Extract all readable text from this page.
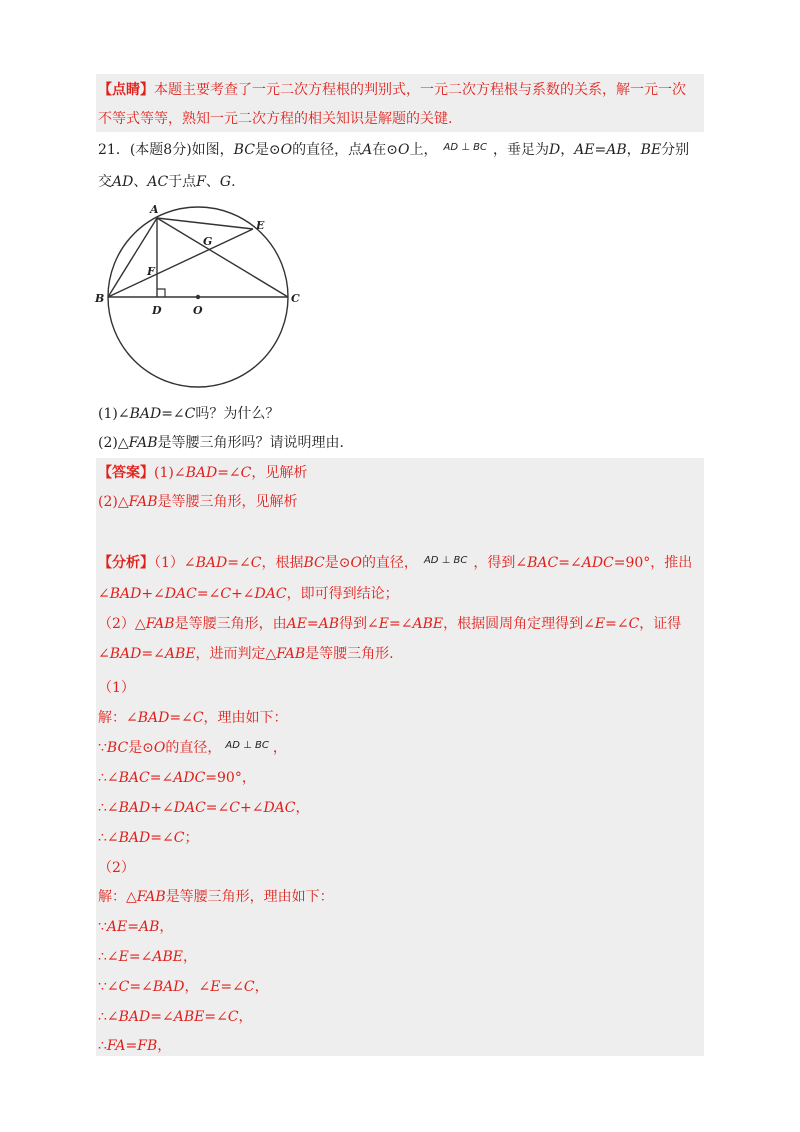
【点睛】本题主要考查了一元二次方程根的判别式，一元二次方程根与系数的关系，解一元一次
不等式等等，熟知一元二次方程的相关知识是解题的关键.
21．(本题8分)如图，BC是⊙O的直径，点A在⊙O上， $^{AD \perp BC}$ ，垂足为D，AE=AB，BE分别
交AD、AC于点F、G.
A
E
G
F
B
D	O
C
(1)∠BAD=∠C吗？为什么？
(2)△FAB是等腰三角形吗？请说明理由.
【答案】(1)∠BAD=∠C，见解析
(2)△FAB是等腰三角形，见解析
【分析】（1）∠BAD=∠C，根据BC是⊙O的直径， $^{AD \perp BC}$ ，得到∠BAC=∠ADC=90°，推出
∠BAD+∠DAC=∠C+∠DAC，即可得到结论；
（2）△FAB是等腰三角形，由AE=AB得到∠E=∠ABE，根据圆周角定理得到∠E=∠C，证得
∠BAD=∠ABE，进而判定△FAB是等腰三角形.
（1）
解：∠BAD=∠C，理由如下：
∵BC是⊙O的直径， $^{AD \perp BC}$ ，
∴∠BAC=∠ADC=90°，
∴∠BAD+∠DAC=∠C+∠DAC，
∴∠BAD=∠C；
（2）
解：△FAB是等腰三角形，理由如下：
∵AE=AB，
∴∠E=∠ABE，
∵∠C=∠BAD，∠E=∠C，
∴∠BAD=∠ABE=∠C，
∴FA=FB，
